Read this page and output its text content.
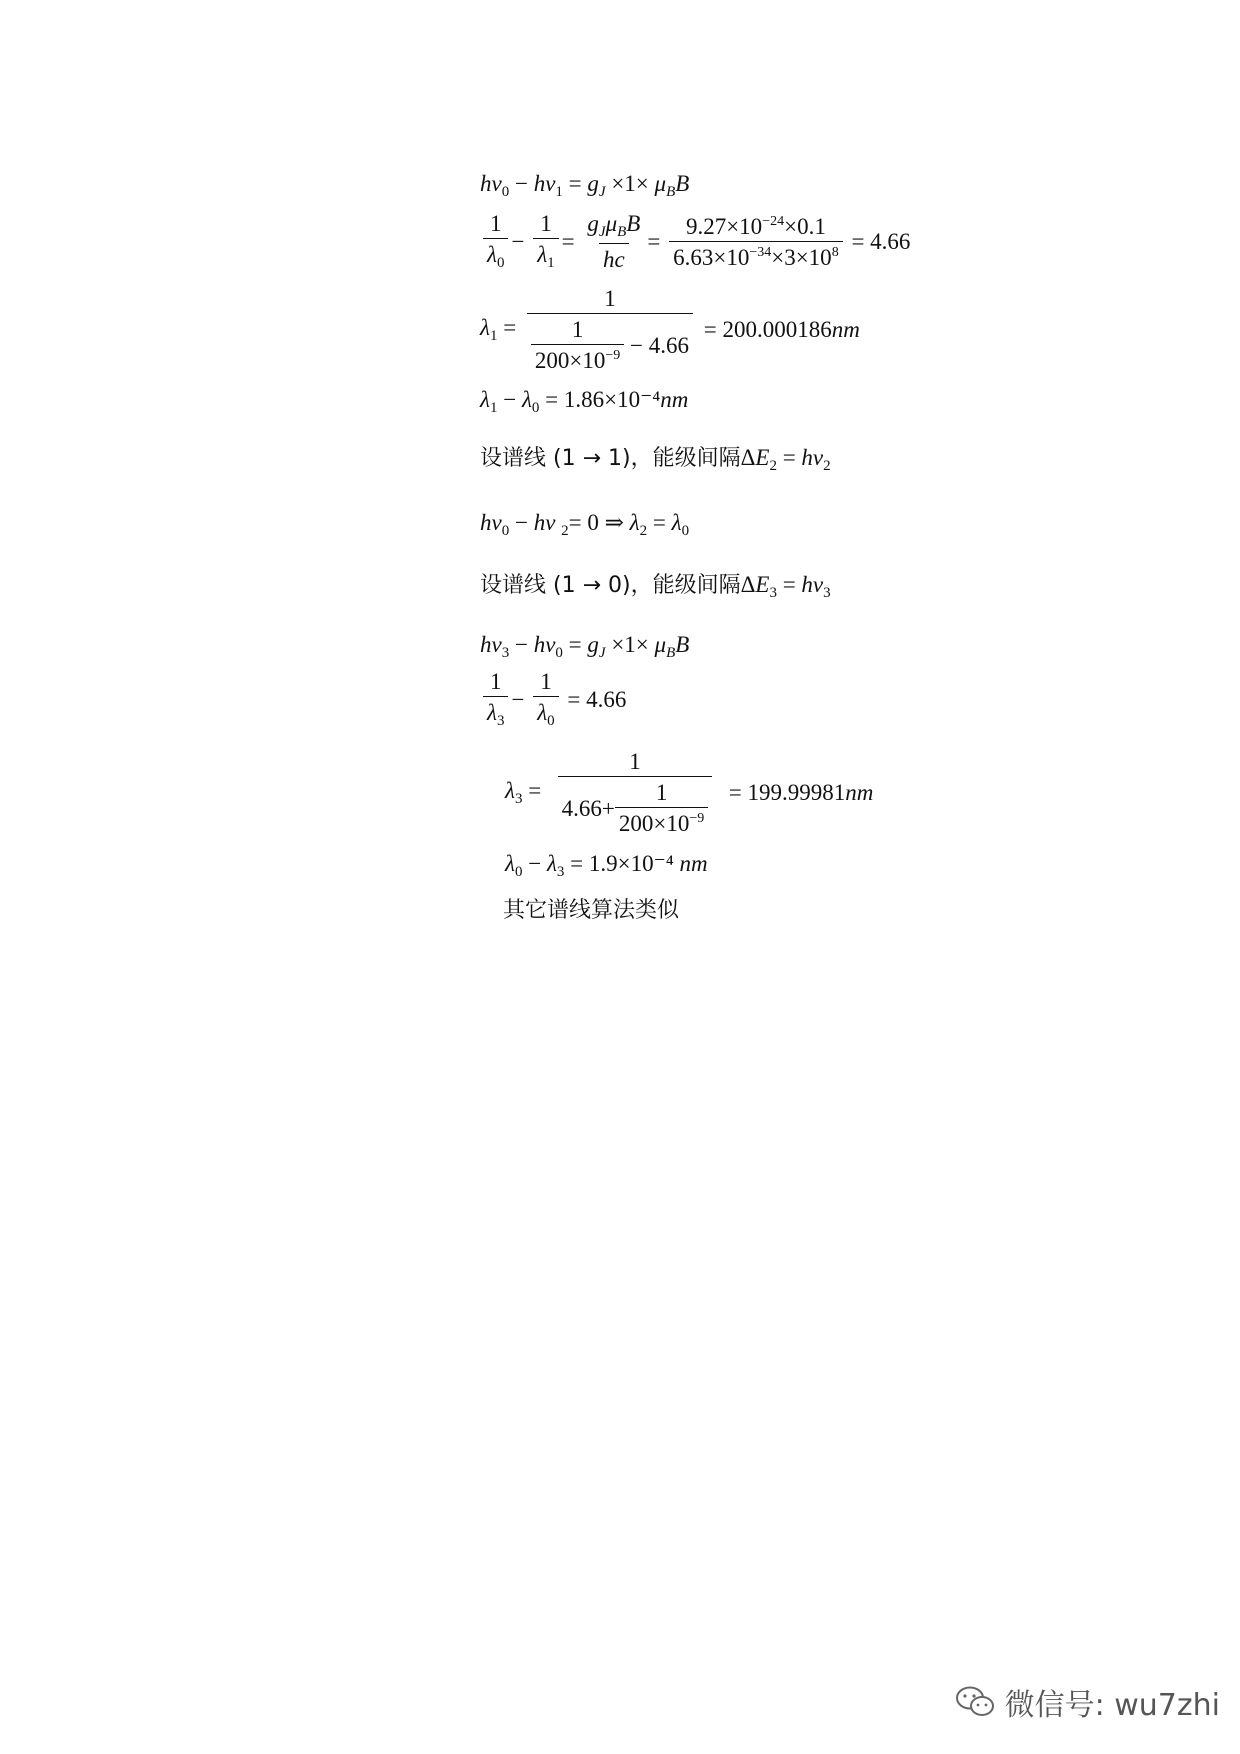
$h\nu_0 - h\nu_1 = g_J \times 1\times \mu_BB$
$\frac{1}{\lambda_0} - \frac{1}{\lambda_1} = \frac{g_J\mu_BB}{hc} = \frac{9.27\times 10^{-24}\times 0.1}{6.63\times 10^{-34}\times 3\times 10^8} = 4.66$
$\lambda_1 = \frac{1}{\frac{1}{200\times 10^{-9}} - 4.66} = 200.000186nm$
$\lambda_1 - \lambda_0 = 1.86\times 10^{-4}nm$
设谱线 (1 → 1)，能级间隔$\Delta E_2 = h\nu_2$
$h\nu_0 - h\nu$ $_2$= 0 ⇒ $\lambda_2 = \lambda_0$
设谱线 (1 → 0)，能级间隔$\Delta E_3 = h\nu_3$
$h\nu_3 - h\nu_0 = g_J \times 1\times \mu_BB$
$\frac{1}{\lambda_3} - \frac{1}{\lambda_0} = 4.66$
$\lambda_3 = \frac{1}{4.66+ \frac{1}{200\times 10^{-9}}} = 199.99981nm$
$\lambda_0 - \lambda_3 = 1.9\times 10^{-4}$ nm
其它谱线算法类似
微信号: wu7zhi
